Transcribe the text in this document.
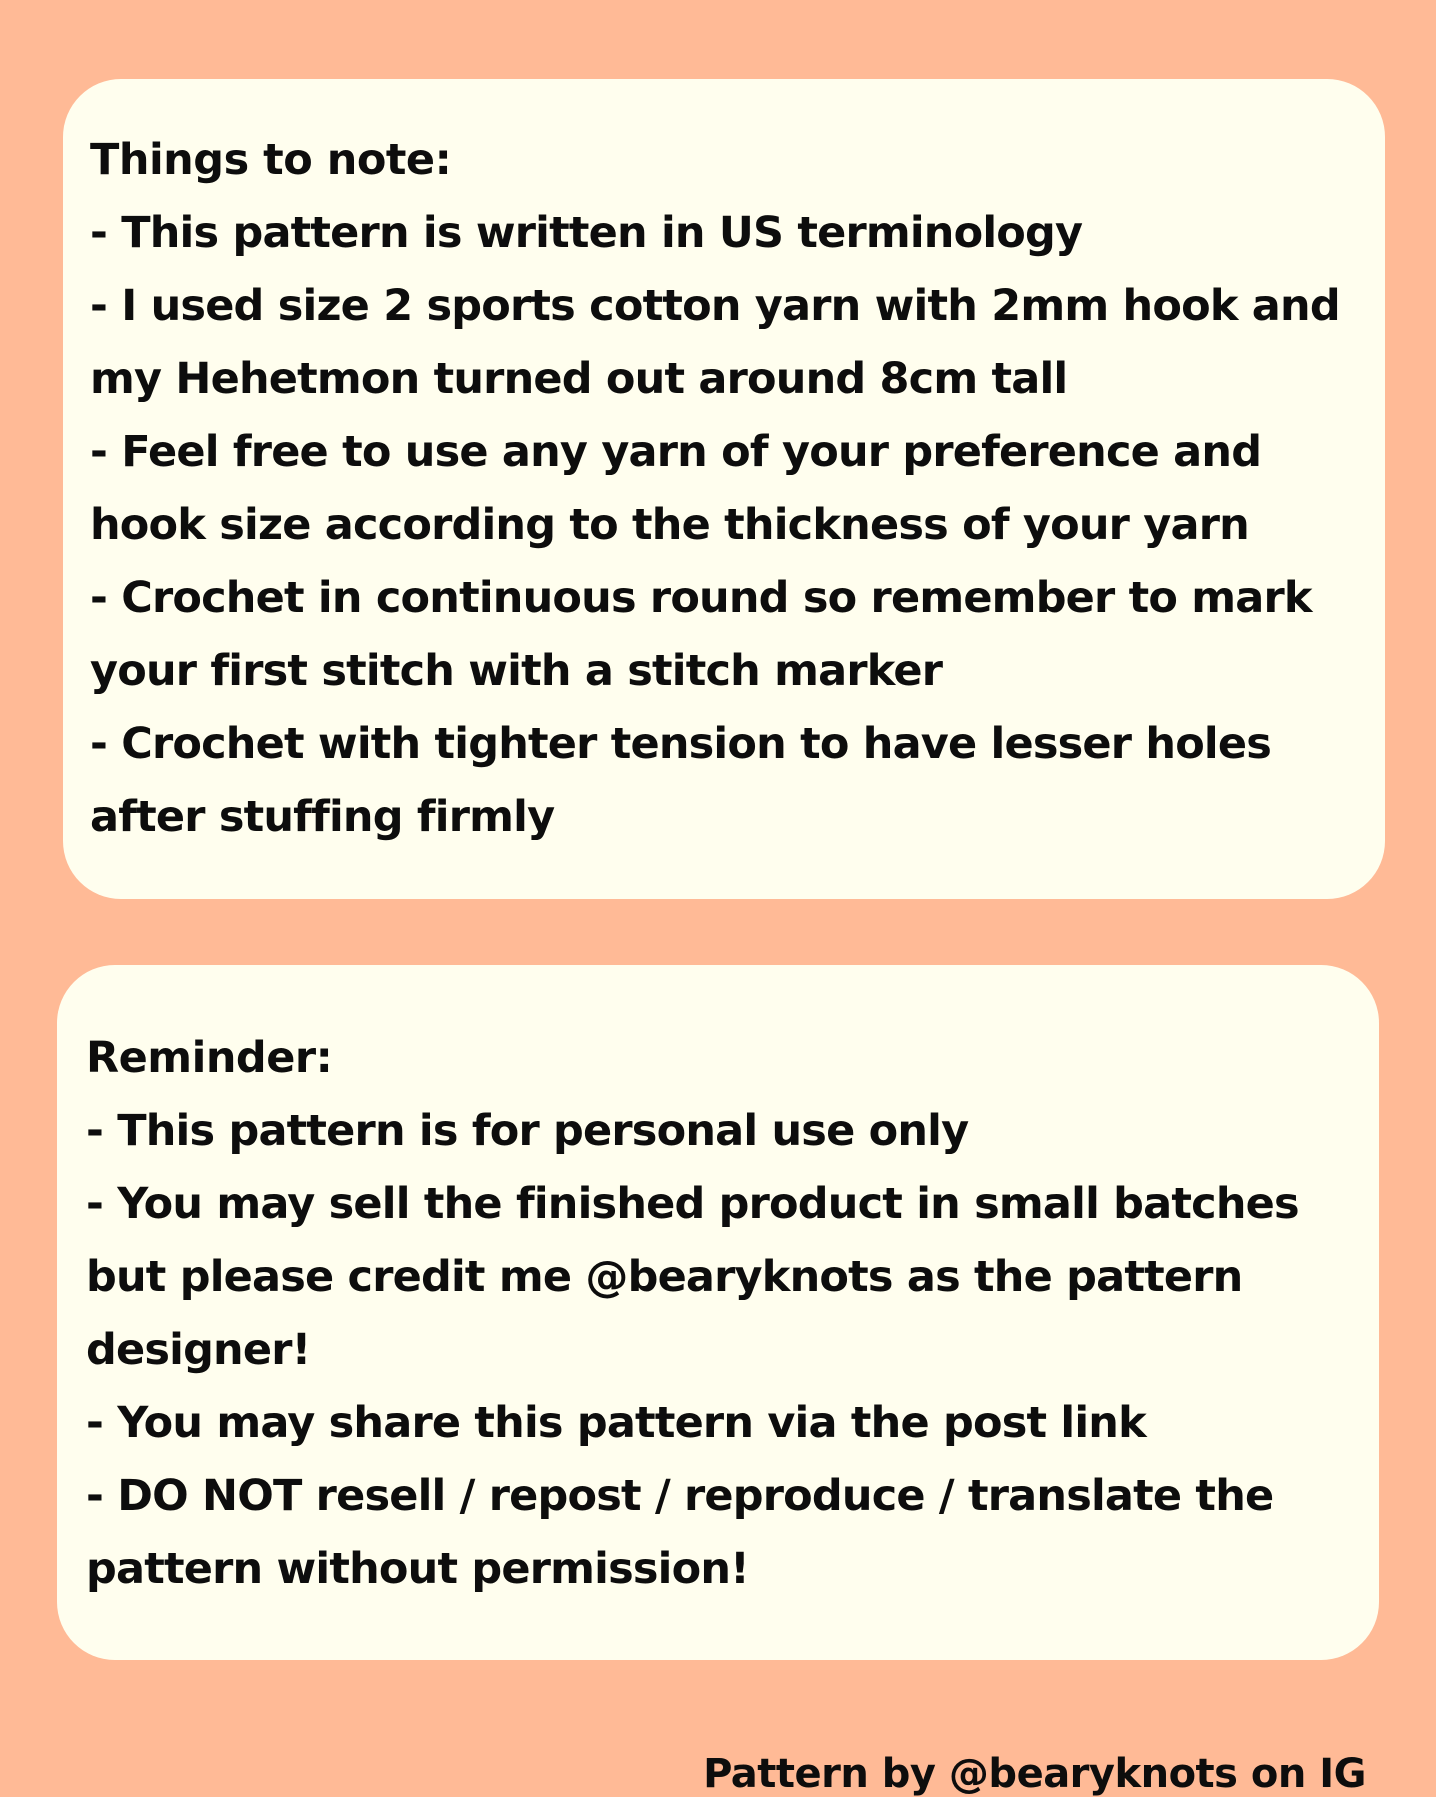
Things to note:
- This pattern is written in US terminology
- I used size 2 sports cotton yarn with 2mm hook and my Hehetmon turned out around 8cm tall
- Feel free to use any yarn of your preference and hook size according to the thickness of your yarn
- Crochet in continuous round so remember to mark your first stitch with a stitch marker
- Crochet with tighter tension to have lesser holes after stuffing firmly
Reminder:
- This pattern is for personal use only
- You may sell the finished product in small batches but please credit me @bearyknots as the pattern designer!
- You may share this pattern via the post link
- DO NOT resell / repost / reproduce / translate the pattern without permission!

Pattern by @bearyknots on IG
